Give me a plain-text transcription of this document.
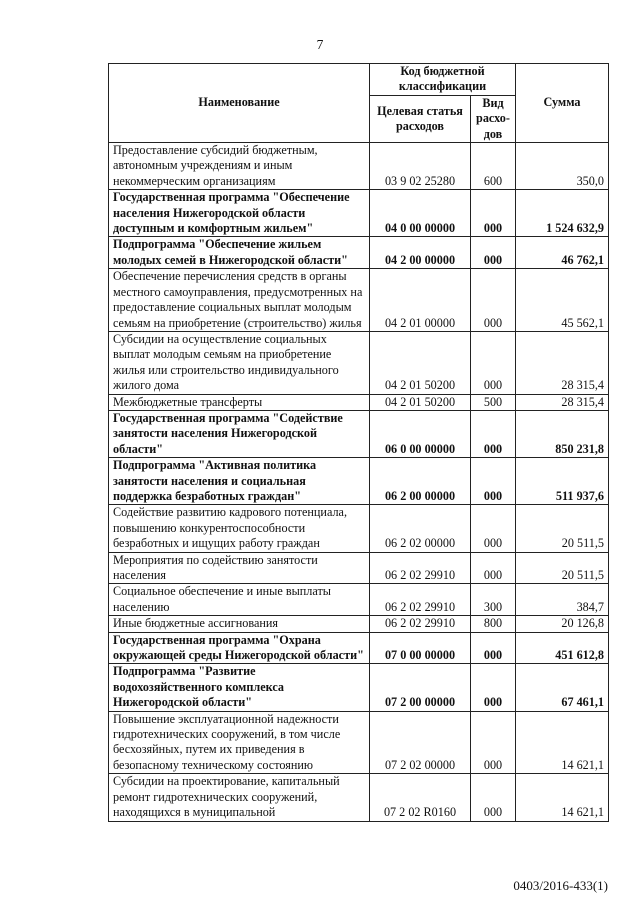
7
Наименование	Код бюджетной классификации		Сумма
	Целевая статья расходов	Вид расхо-дов	
Предоставление субсидий бюджетным, автономным учреждениям и иным некоммерческим организациям	03 9 02 25280	600	350,0
Государственная программа "Обеспечение населения Нижегородской области доступным и комфортным жильем"	04 0 00 00000	000	1 524 632,9
Подпрограмма "Обеспечение жильем молодых семей в Нижегородской области"	04 2 00 00000	000	46 762,1
Обеспечение перечисления средств в органы местного самоуправления, предусмотренных на предоставление социальных выплат молодым семьям на приобретение (строительство) жилья	04 2 01 00000	000	45 562,1
Субсидии на осуществление социальных выплат молодым семьям на приобретение жилья или строительство индивидуального жилого дома	04 2 01 50200	000	28 315,4
Межбюджетные трансферты	04 2 01 50200	500	28 315,4
Государственная программа "Содействие занятости населения Нижегородской области"	06 0 00 00000	000	850 231,8
Подпрограмма "Активная политика занятости населения и социальная поддержка безработных граждан"	06 2 00 00000	000	511 937,6
Содействие развитию кадрового потенциала, повышению конкурентоспособности безработных и ищущих работу граждан	06 2 02 00000	000	20 511,5
Мероприятия по содействию занятости населения	06 2 02 29910	000	20 511,5
Социальное обеспечение и иные выплаты населению	06 2 02 29910	300	384,7
Иные бюджетные ассигнования	06 2 02 29910	800	20 126,8
Государственная программа "Охрана окружающей среды Нижегородской области"	07 0 00 00000	000	451 612,8
Подпрограмма "Развитие водохозяйственного комплекса Нижегородской области"	07 2 00 00000	000	67 461,1
Повышение эксплуатационной надежности гидротехнических сооружений, в том числе бесхозяйных, путем их приведения в безопасному техническому состоянию	07 2 02 00000	000	14 621,1
Субсидии на проектирование, капитальный ремонт гидротехнических сооружений, находящихся в муниципальной	07 2 02 R0160	000	14 621,1
0403/2016-433(1)
